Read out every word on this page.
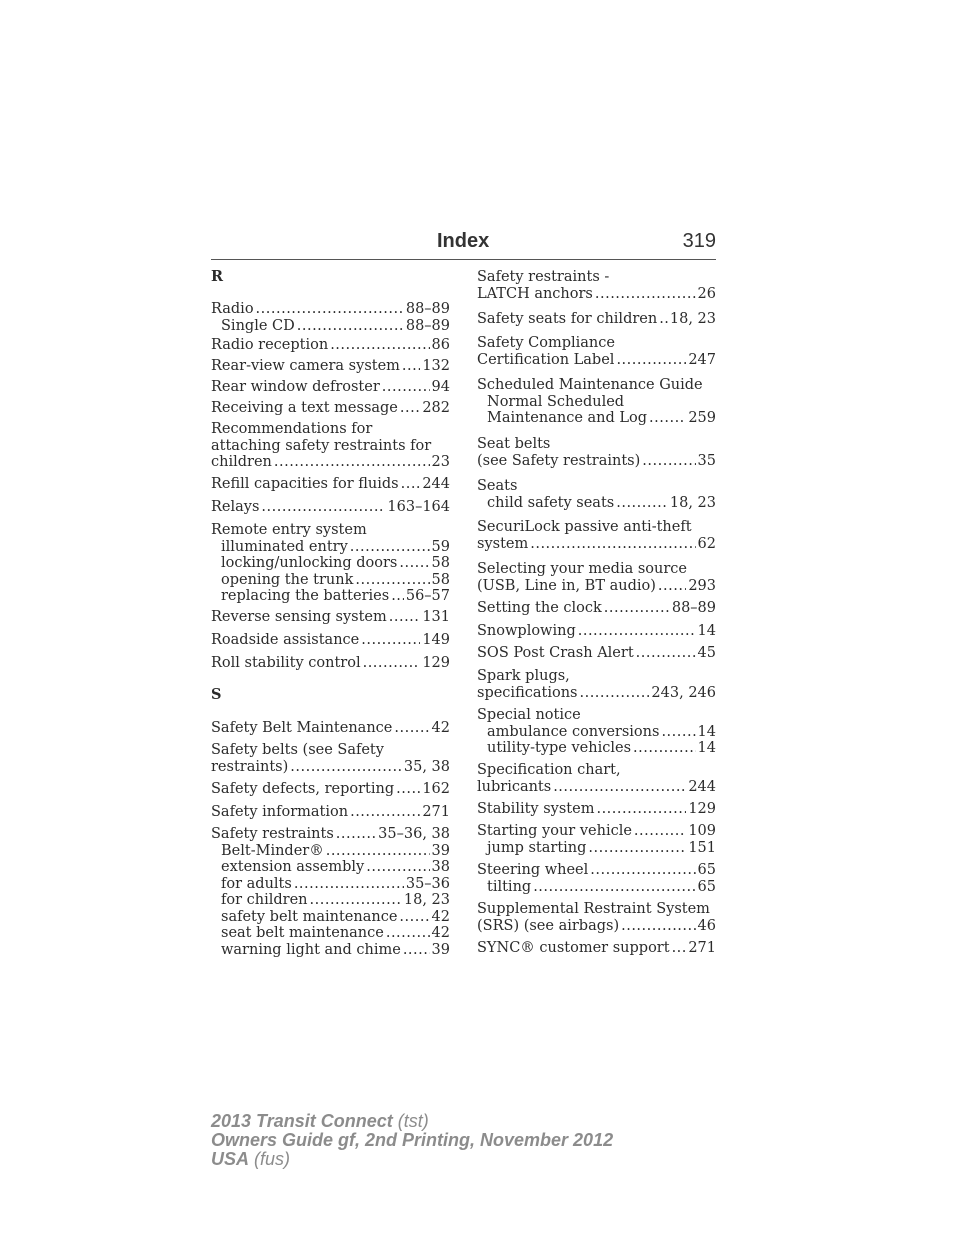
Index	319
R
Radio .....	88–89
Single CD .....	88–89
Radio reception .....	86
Rear-view camera system ..... 132
Rear window defroster .....	94
Receiving a text message ..... 282
Recommendations for
attaching safety restraints for
children .....	23
Refill capacities for fluids ..... 244
Relays .....	163–164
Remote entry system
illuminated entry .....	59
locking/unlocking doors ..... 58
opening the trunk .....	58
replacing the batteries ..... 56–57
Reverse sensing system ..... 131
Roadside assistance .....	149
Roll stability control .....	129
S
Safety Belt Maintenance .....	42
Safety belts (see Safety
restraints) .....	35, 38
Safety defects, reporting ..... 162
Safety information .....	271
Safety restraints .....	35–36, 38
Belt-Minder® .....	39
extension assembly .....	38
for adults .....	35–36
for children .....	18, 23
safety belt maintenance ..... 42
seat belt maintenance .....	42
warning light and chime ..... 39
Safety restraints -
LATCH anchors .....	26
Safety seats for children ..... 18, 23
Safety Compliance
Certification Label .....	247
Scheduled Maintenance Guide
Normal Scheduled
Maintenance and Log .....	259
Seat belts
(see Safety restraints) .....	35
Seats
child safety seats .....	18, 23
SecuriLock passive anti-theft
system .....	62
Selecting your media source
(USB, Line in, BT audio) ..... 293
Setting the clock .....	88–89
Snowplowing .....	14
SOS Post Crash Alert .....	45
Spark plugs,
specifications .....	243, 246
Special notice
ambulance conversions .....	14
utility-type vehicles .....	14
Specification chart,
lubricants .....	244
Stability system .....	129
Starting your vehicle .....	109
jump starting .....	151
Steering wheel .....	65
tilting .....	65
Supplemental Restraint System
(SRS) (see airbags) .....	46
SYNC® customer support ..... 271
2013 Transit Connect (tst)
Owners Guide gf, 2nd Printing, November 2012
USA (fus)
